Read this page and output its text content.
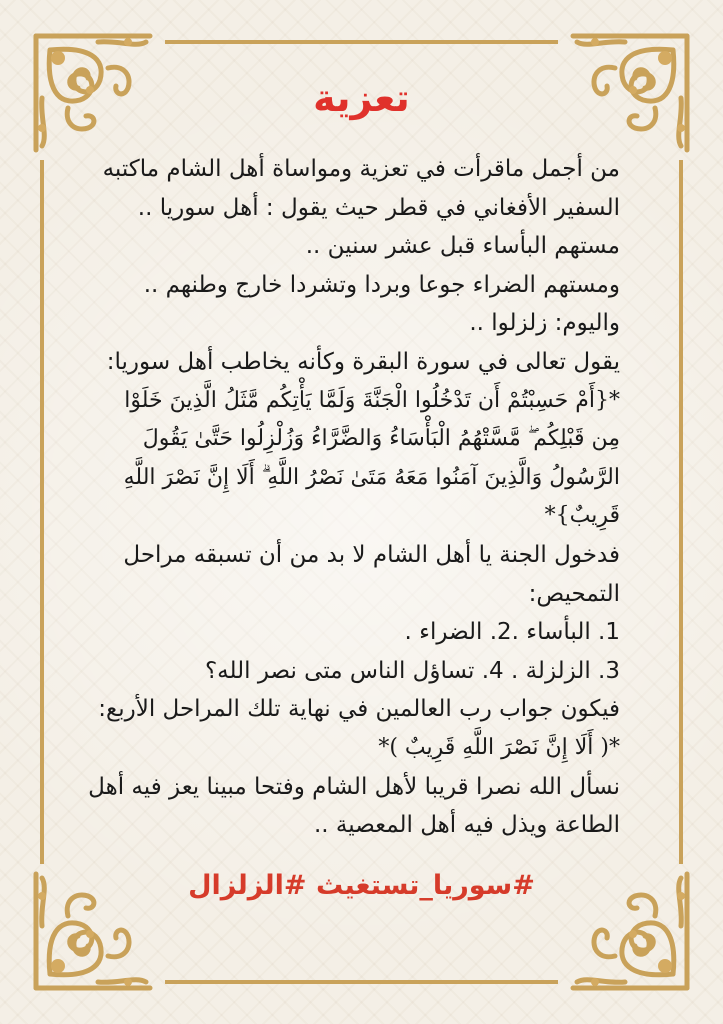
تعزية

من أجمل ماقرأت في تعزية ومواساة أهل الشام ماكتبه

السفير الأفغاني في قطر حيث يقول : أهل سوريا ..

مستهم البأساء قبل عشر سنين ..

ومستهم الضراء جوعا وبردا وتشردا خارج وطنهم ..

واليوم: زلزلوا ..

يقول تعالى في سورة البقرة وكأنه يخاطب أهل سوريا:

*{أَمْ حَسِبْتُمْ أَن تَدْخُلُوا الْجَنَّةَ وَلَمَّا يَأْتِكُم مَّثَلُ الَّذِينَ خَلَوْا

مِن قَبْلِكُم ۖ مَّسَّتْهُمُ الْبَأْسَاءُ وَالضَّرَّاءُ وَزُلْزِلُوا حَتَّىٰ يَقُولَ

الرَّسُولُ وَالَّذِينَ آمَنُوا مَعَهُ مَتَىٰ نَصْرُ اللَّهِ ۗ أَلَا إِنَّ نَصْرَ اللَّهِ

قَرِيبٌ}*

فدخول الجنة يا أهل الشام لا بد من أن تسبقه مراحل

التمحيص:

1. البأساء .2. الضراء .

3. الزلزلة . 4. تساؤل الناس متى نصر الله؟

فيكون جواب رب العالمين في نهاية تلك المراحل الأربع:

*( أَلَا إِنَّ نَصْرَ اللَّهِ قَرِيبٌ )*

نسأل الله نصرا قريبا لأهل الشام وفتحا مبينا يعز فيه أهل

الطاعة ويذل فيه أهل المعصية ..

#سوريا_تستغيث #الزلزال
